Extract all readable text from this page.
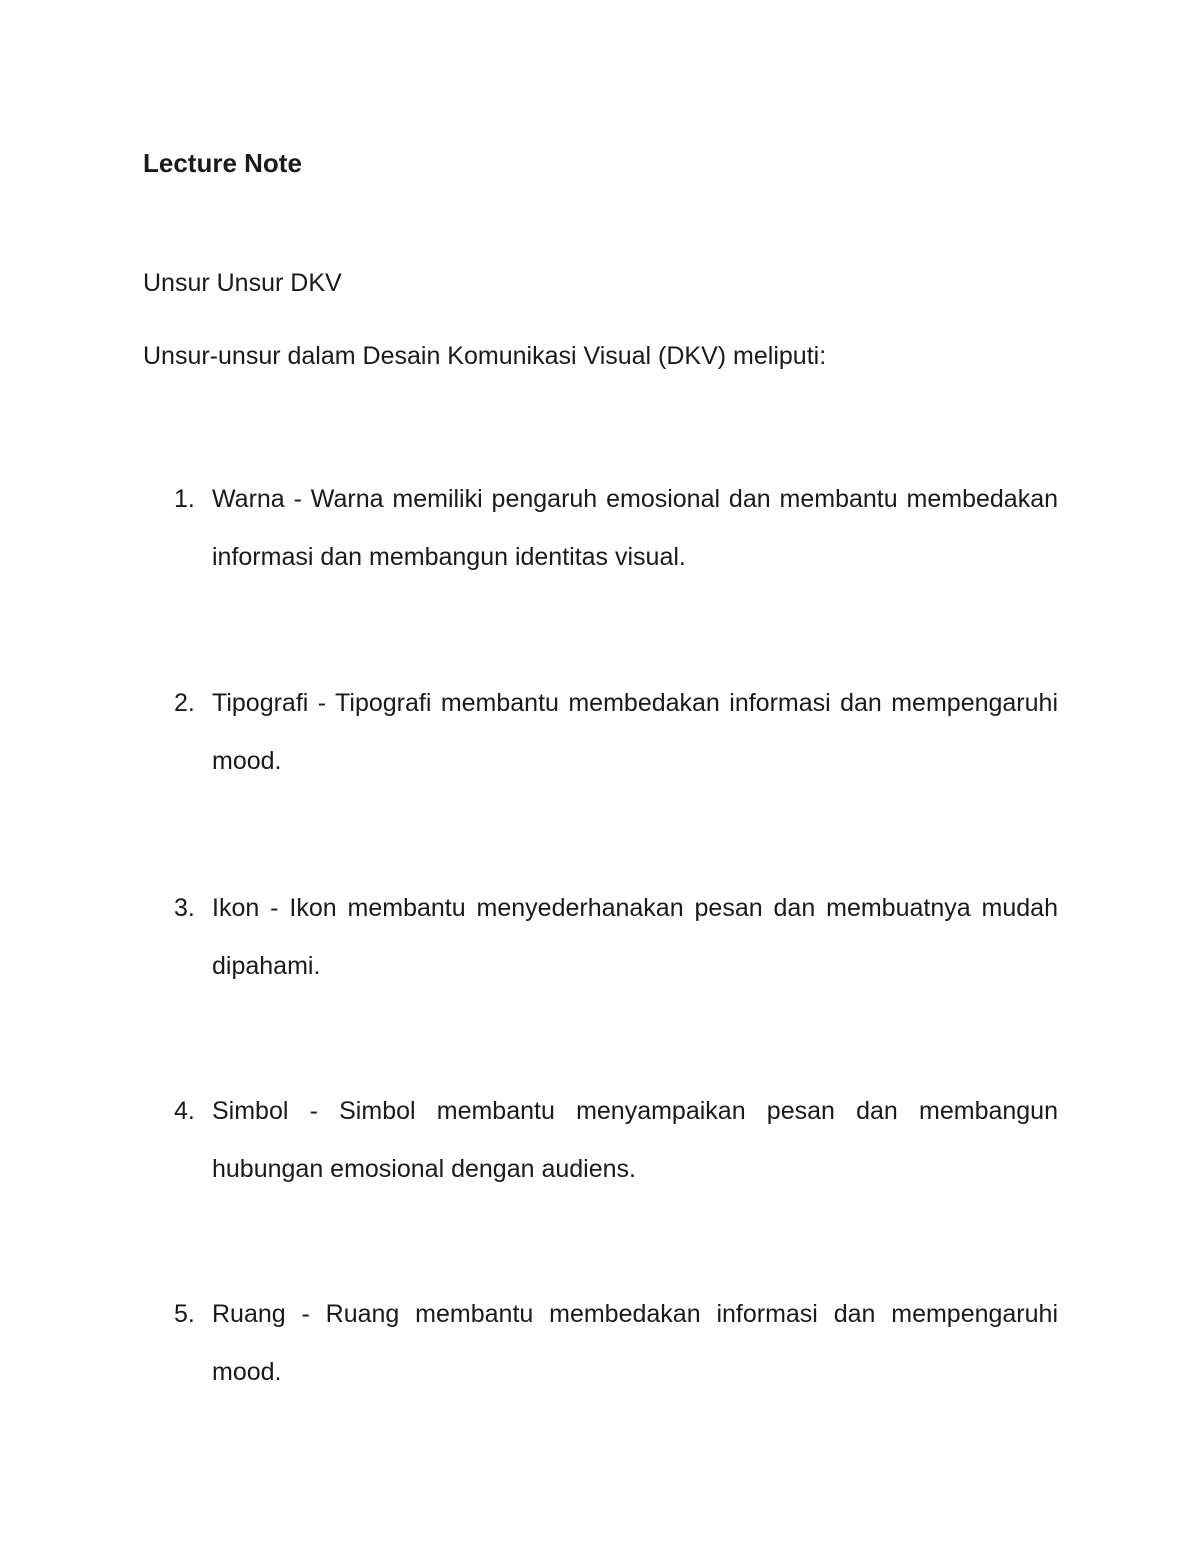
Lecture Note

Unsur Unsur DKV

Unsur-unsur dalam Desain Komunikasi Visual (DKV) meliputi:

1. Warna - Warna memiliki pengaruh emosional dan membantu membedakan informasi dan membangun identitas visual.
2. Tipografi - Tipografi membantu membedakan informasi dan mempengaruhi mood.
3. Ikon - Ikon membantu menyederhanakan pesan dan membuatnya mudah dipahami.
4. Simbol - Simbol membantu menyampaikan pesan dan membangun hubungan emosional dengan audiens.
5. Ruang - Ruang membantu membedakan informasi dan mempengaruhi mood.
